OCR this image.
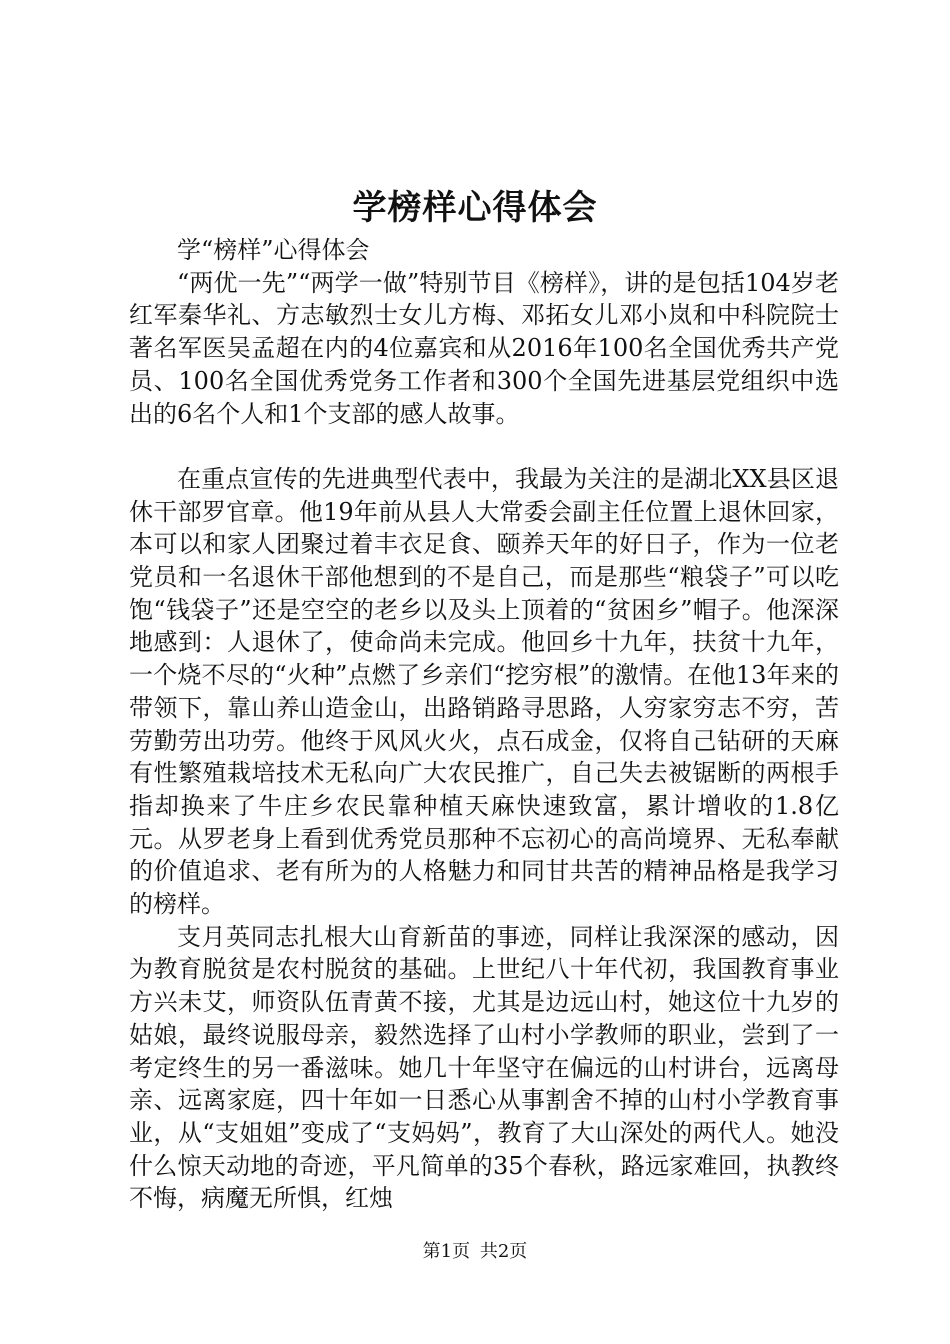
学榜样心得体会

学“榜样”心得体会

“两优一先”“两学一做”特别节目《榜样》，讲的是包括104岁老红军秦华礼、方志敏烈士女儿方梅、邓拓女儿邓小岚和中科院院士著名军医吴孟超在内的4位嘉宾和从2016年100名全国优秀共产党员、100名全国优秀党务工作者和300个全国先进基层党组织中选出的6名个人和1个支部的感人故事。

在重点宣传的先进典型代表中，我最为关注的是湖北XX县区退休干部罗官章。他19年前从县人大常委会副主任位置上退休回家，本可以和家人团聚过着丰衣足食、颐养天年的好日子，作为一位老党员和一名退休干部他想到的不是自己，而是那些“粮袋子”可以吃饱“钱袋子”还是空空的老乡以及头上顶着的“贫困乡”帽子。他深深地感到：人退休了，使命尚未完成。他回乡十九年，扶贫十九年，一个烧不尽的“火种”点燃了乡亲们“挖穷根”的激情。在他13年来的带领下，靠山养山造金山，出路销路寻思路，人穷家穷志不穷，苦劳勤劳出功劳。他终于风风火火，点石成金，仅将自己钻研的天麻有性繁殖栽培技术无私向广大农民推广，自己失去被锯断的两根手指却换来了牛庄乡农民靠种植天麻快速致富，累计增收的1.8亿元。从罗老身上看到优秀党员那种不忘初心的高尚境界、无私奉献的价值追求、老有所为的人格魅力和同甘共苦的精神品格是我学习的榜样。

支月英同志扎根大山育新苗的事迹，同样让我深深的感动，因为教育脱贫是农村脱贫的基础。上世纪八十年代初，我国教育事业方兴未艾，师资队伍青黄不接，尤其是边远山村，她这位十九岁的姑娘，最终说服母亲，毅然选择了山村小学教师的职业，尝到了一考定终生的另一番滋味。她几十年坚守在偏远的山村讲台，远离母亲、远离家庭，四十年如一日悉心从事割舍不掉的山村小学教育事业，从“支姐姐”变成了“支妈妈”，教育了大山深处的两代人。她没什么惊天动地的奇迹，平凡简单的35个春秋，路远家难回，执教终不悔，病魔无所惧，红烛

第1页 共2页
